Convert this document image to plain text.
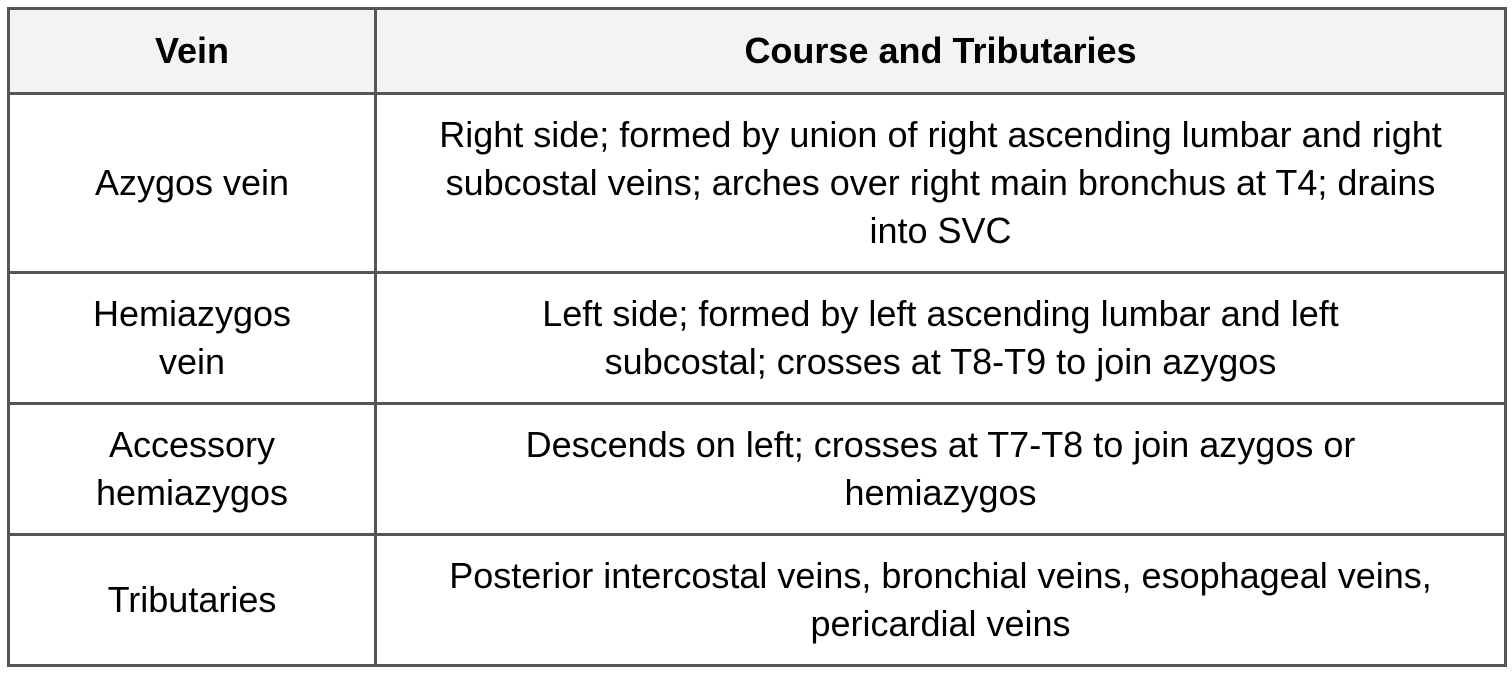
Vein	Course and Tributaries
Azygos vein	Right side; formed by union of right ascending lumbar and right subcostal veins; arches over right main bronchus at T4; drains into SVC
Hemiazygos vein	Left side; formed by left ascending lumbar and left subcostal; crosses at T8-T9 to join azygos
Accessory hemiazygos	Descends on left; crosses at T7-T8 to join azygos or hemiazygos
Tributaries	Posterior intercostal veins, bronchial veins, esophageal veins, pericardial veins
